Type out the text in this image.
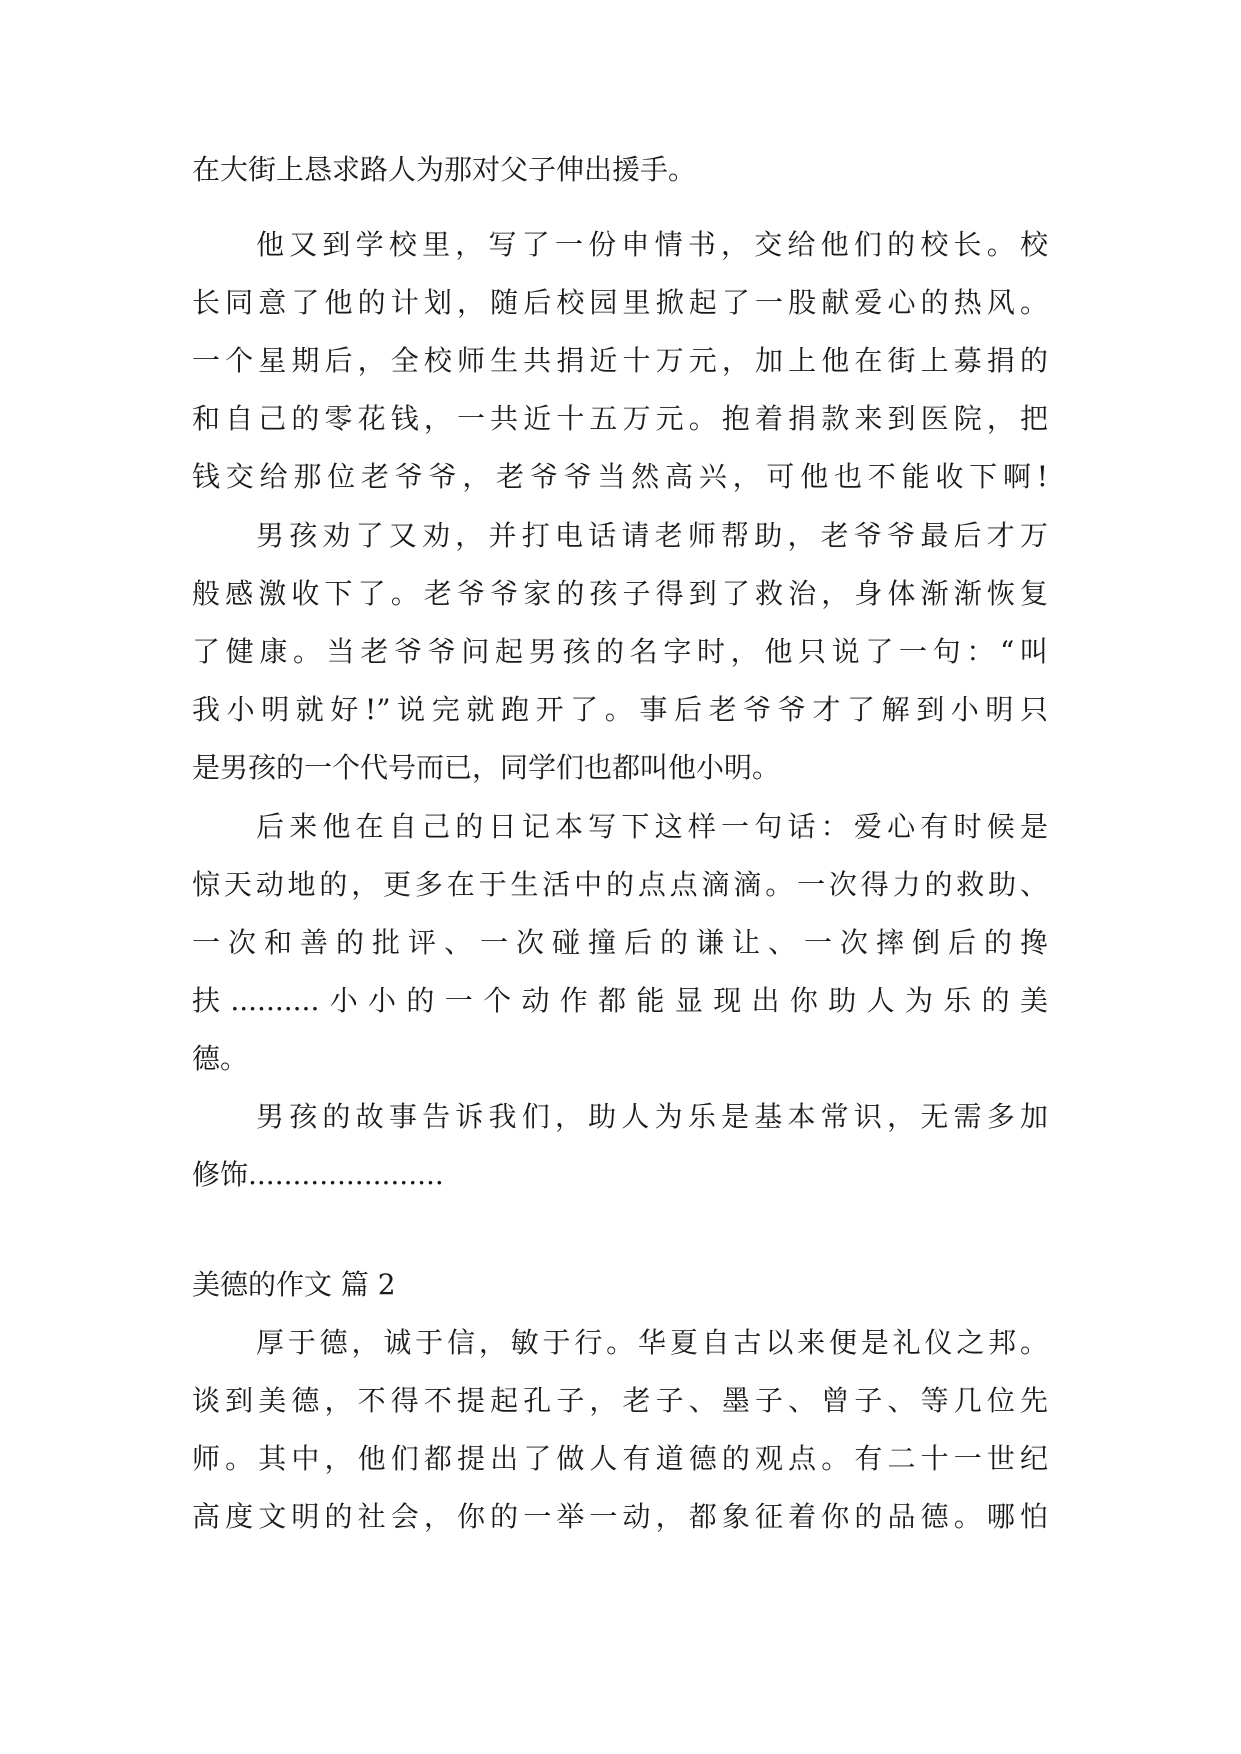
在大街上恳求路人为那对父子伸出援手。
他又到学校里，写了一份申情书，交给他们的校长。校
长同意了他的计划，随后校园里掀起了一股献爱心的热风。
一个星期后，全校师生共捐近十万元，加上他在街上募捐的
和自己的零花钱，一共近十五万元。抱着捐款来到医院，把
钱交给那位老爷爷，老爷爷当然高兴，可他也不能收下啊!
男孩劝了又劝，并打电话请老师帮助，老爷爷最后才万
般感激收下了。老爷爷家的孩子得到了救治，身体渐渐恢复
了健康。当老爷爷问起男孩的名字时，他只说了一句：“叫
我小明就好!”说完就跑开了。事后老爷爷才了解到小明只
是男孩的一个代号而已，同学们也都叫他小明。
后来他在自己的日记本写下这样一句话：爱心有时候是
惊天动地的，更多在于生活中的点点滴滴。一次得力的救助、
一次和善的批评、一次碰撞后的谦让、一次摔倒后的搀
扶..........小小的一个动作都能显现出你助人为乐的美
德。
男孩的故事告诉我们，助人为乐是基本常识，无需多加
修饰......................
美德的作文 篇 2
厚于德，诚于信，敏于行。华夏自古以来便是礼仪之邦。
谈到美德，不得不提起孔子，老子、墨子、曾子、等几位先
师。其中，他们都提出了做人有道德的观点。有二十一世纪
高度文明的社会，你的一举一动，都象征着你的品德。哪怕
